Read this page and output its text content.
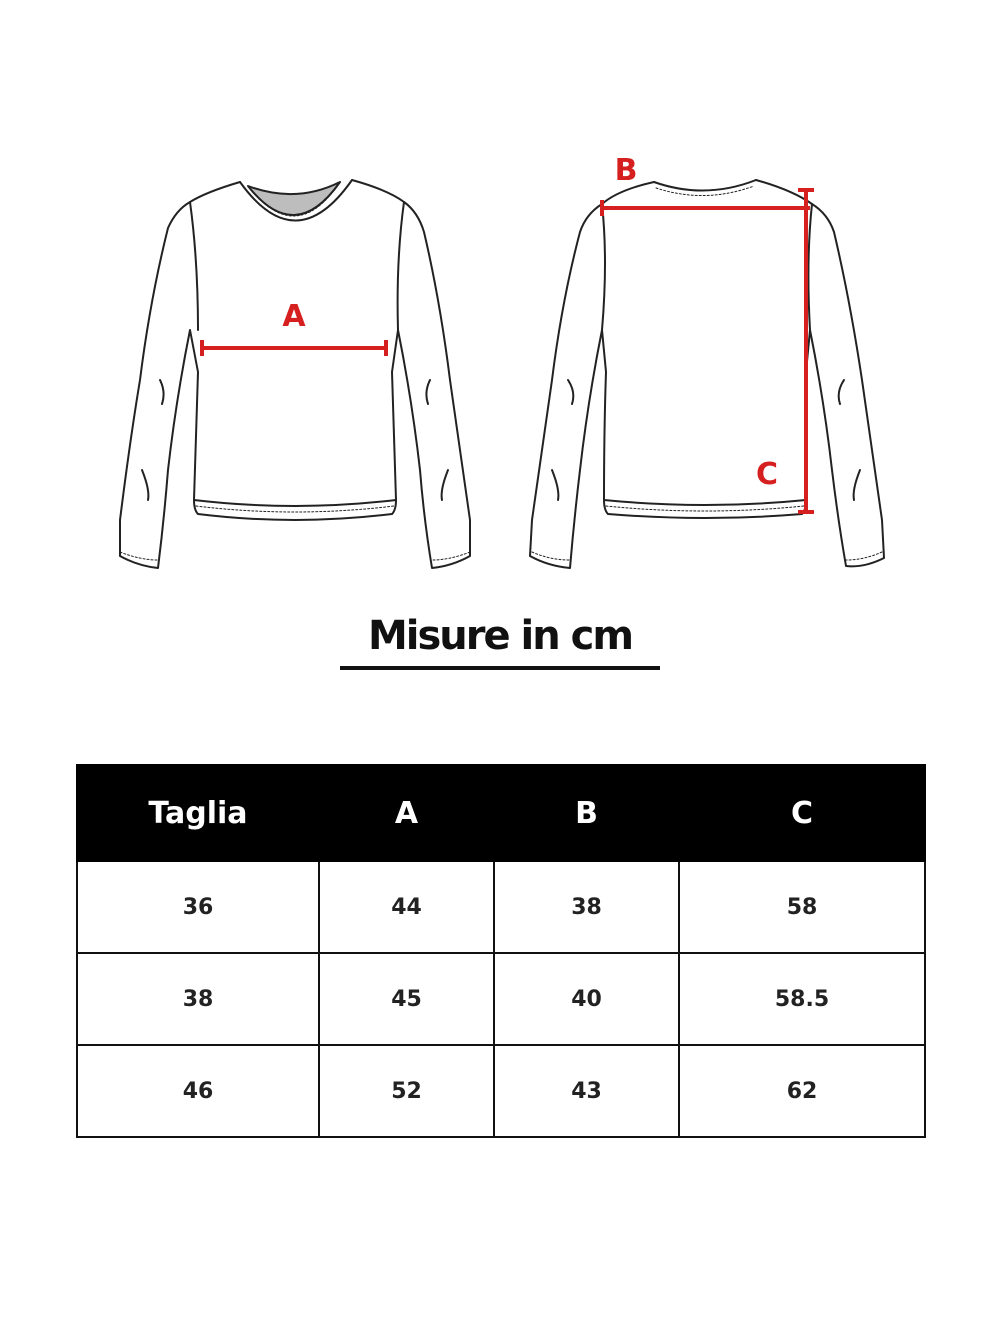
A
B
C
Misure in cm
Taglia	A	B	C
36	44	38	58
38	45	40	58.5
46	52	43	62
